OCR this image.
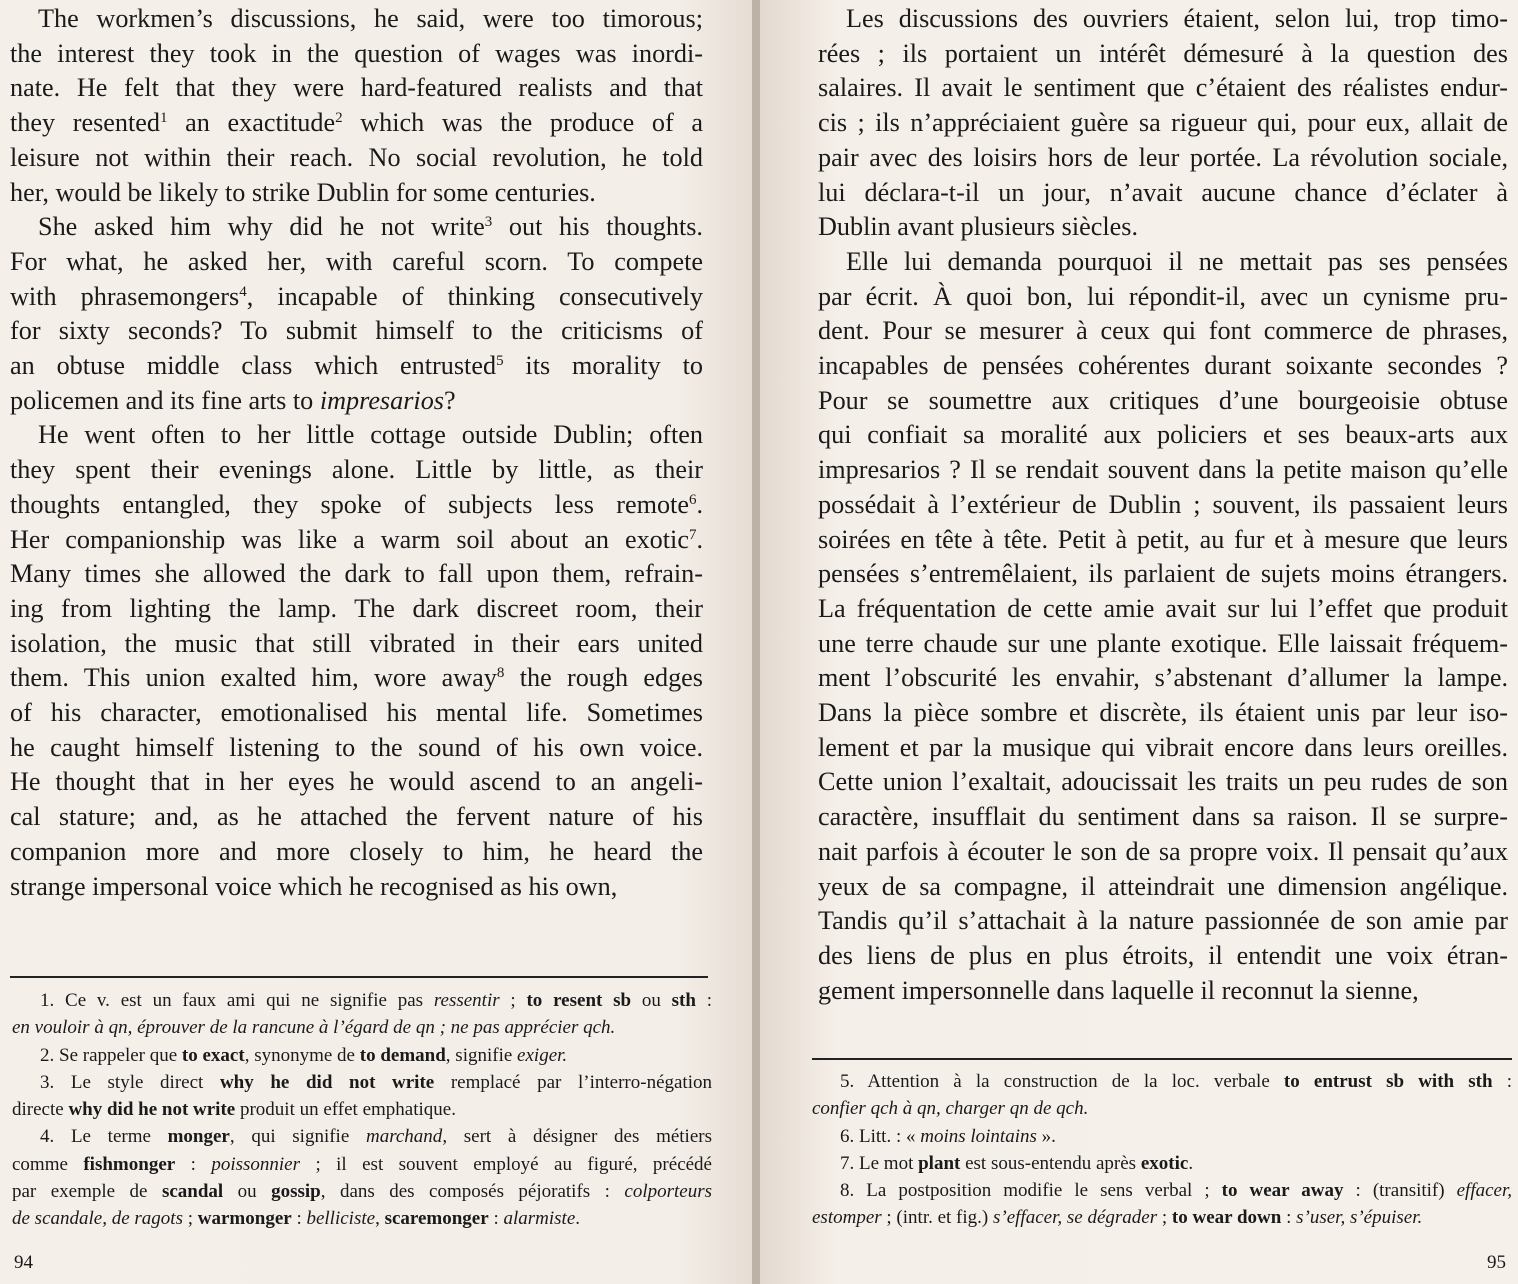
The workmen’s discussions, he said, were too timorous;
the interest they took in the question of wages was inordi-
nate. He felt that they were hard-featured realists and that
they resented$^1$ an exactitude$^2$ which was the produce of a
leisure not within their reach. No social revolution, he told
her, would be likely to strike Dublin for some centuries.

She asked him why did he not write$^3$ out his thoughts.
For what, he asked her, with careful scorn. To compete
with phrasemongers$^4$, incapable of thinking consecutively
for sixty seconds? To submit himself to the criticisms of
an obtuse middle class which entrusted$^5$ its morality to
policemen and its fine arts to impresarios?

He went often to her little cottage outside Dublin; often
they spent their evenings alone. Little by little, as their
thoughts entangled, they spoke of subjects less remote$^6$.
Her companionship was like a warm soil about an exotic$^7$.
Many times she allowed the dark to fall upon them, refrain-
ing from lighting the lamp. The dark discreet room, their
isolation, the music that still vibrated in their ears united
them. This union exalted him, wore away$^8$ the rough edges
of his character, emotionalised his mental life. Sometimes
he caught himself listening to the sound of his own voice.
He thought that in her eyes he would ascend to an angeli-
cal stature; and, as he attached the fervent nature of his
companion more and more closely to him, he heard the
strange impersonal voice which he recognised as his own,

1. Ce v. est un faux ami qui ne signifie pas ressentir ; to resent sb ou sth :
en vouloir à qn, éprouver de la rancune à l’égard de qn ; ne pas apprécier qch.
2. Se rappeler que to exact, synonyme de to demand, signifie exiger.
3. Le style direct why he did not write remplacé par l’interro-négation
directe why did he not write produit un effet emphatique.
4. Le terme monger, qui signifie marchand, sert à désigner des métiers
comme fishmonger : poissonnier ; il est souvent employé au figuré, précédé
par exemple de scandal ou gossip, dans des composés péjoratifs : colporteurs
de scandale, de ragots ; warmonger : belliciste, scaremonger : alarmiste.
94

Les discussions des ouvriers étaient, selon lui, trop timo-
rées ; ils portaient un intérêt démesuré à la question des
salaires. Il avait le sentiment que c’étaient des réalistes endur-
cis ; ils n’appréciaient guère sa rigueur qui, pour eux, allait de
pair avec des loisirs hors de leur portée. La révolution sociale,
lui déclara-t-il un jour, n’avait aucune chance d’éclater à
Dublin avant plusieurs siècles.

Elle lui demanda pourquoi il ne mettait pas ses pensées
par écrit. À quoi bon, lui répondit-il, avec un cynisme pru-
dent. Pour se mesurer à ceux qui font commerce de phrases,
incapables de pensées cohérentes durant soixante secondes ?
Pour se soumettre aux critiques d’une bourgeoisie obtuse
qui confiait sa moralité aux policiers et ses beaux-arts aux
impresarios ? Il se rendait souvent dans la petite maison qu’elle
possédait à l’extérieur de Dublin ; souvent, ils passaient leurs
soirées en tête à tête. Petit à petit, au fur et à mesure que leurs
pensées s’entremêlaient, ils parlaient de sujets moins étrangers.
La fréquentation de cette amie avait sur lui l’effet que produit
une terre chaude sur une plante exotique. Elle laissait fréquem-
ment l’obscurité les envahir, s’abstenant d’allumer la lampe.
Dans la pièce sombre et discrète, ils étaient unis par leur iso-
lement et par la musique qui vibrait encore dans leurs oreilles.
Cette union l’exaltait, adoucissait les traits un peu rudes de son
caractère, insufflait du sentiment dans sa raison. Il se surpre-
nait parfois à écouter le son de sa propre voix. Il pensait qu’aux
yeux de sa compagne, il atteindrait une dimension angélique.
Tandis qu’il s’attachait à la nature passionnée de son amie par
des liens de plus en plus étroits, il entendit une voix étran-
gement impersonnelle dans laquelle il reconnut la sienne,

5. Attention à la construction de la loc. verbale to entrust sb with sth :
confier qch à qn, charger qn de qch.
6. Litt. : « moins lointains ».
7. Le mot plant est sous-entendu après exotic.
8. La postposition modifie le sens verbal ; to wear away : (transitif) effacer,
estomper ; (intr. et fig.) s’effacer, se dégrader ; to wear down : s’user, s’épuiser.
95
